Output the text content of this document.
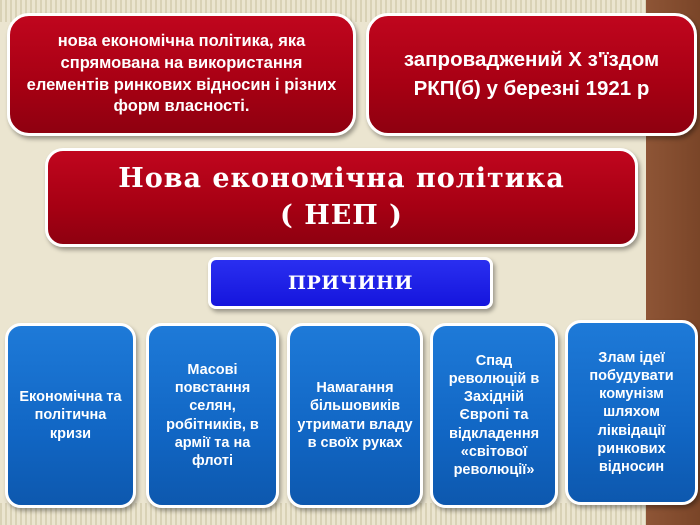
нова економічна політика, яка спрямована на використання елементів ринкових відносин і різних форм власності.
запроваджений Х з'їздом РКП(б) у березні 1921 р
Нова економічна політика
( НЕП )
ПРИЧИНИ
Економічна та політична кризи
Масові повстання селян, робітників, в армії та на флоті
Намагання більшовиків утримати владу в своїх руках
Спад революцій в Західній Європі та відкладення «світової революції»
Злам ідеї побудувати комунізм шляхом ліквідації ринкових відносин
